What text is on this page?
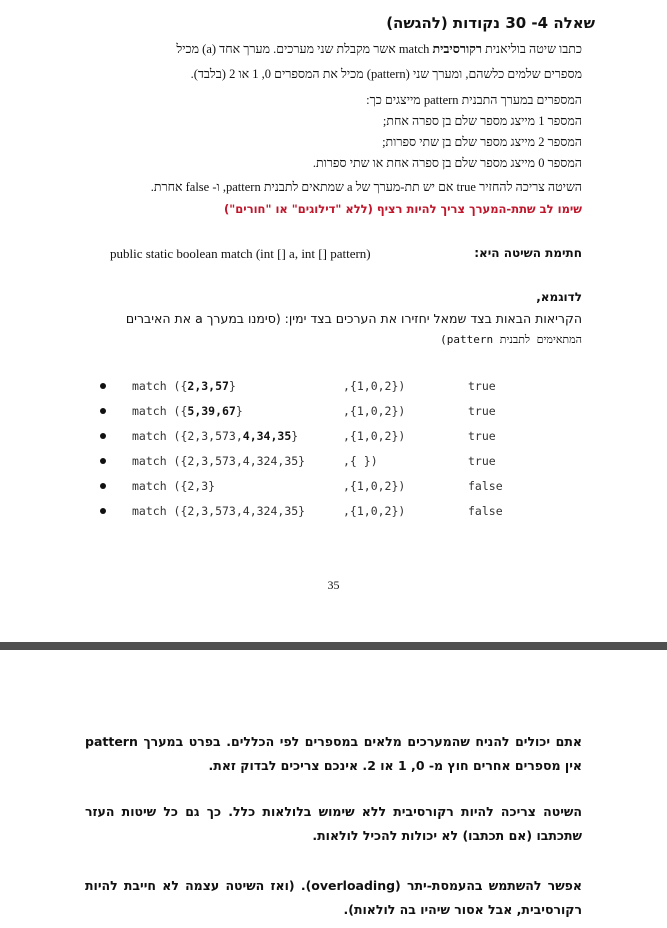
שאלה 4- 30 נקודות (להגשה)
כתבו שיטה בוליאנית רקורסיבית match אשר מקבלת שני מערכים. מערך אחד (a) מכיל
מספרים שלמים כלשהם, ומערך שני (pattern) מכיל את המספרים 0, 1 או 2 (בלבד).
המספרים במערך התבנית pattern מייצגים כך:
המספר 1 מייצג מספר שלם בן ספרה אחת;
המספר 2 מייצג מספר שלם בן שתי ספרות;
המספר 0 מייצג מספר שלם בן ספרה אחת או שתי ספרות.
השיטה צריכה להחזיר true אם יש תת-מערך של a שמתאים לתבנית pattern, ו- false אחרת.
שימו לב שתת-המערך צריך להיות רציף (ללא "דילוגים" או "חורים")
חתימת השיטה היא:
public static boolean match (int [] a, int [] pattern)
לדוגמא,
הקריאות הבאות בצד שמאל יחזירו את הערכים בצד ימין: (סימנו במערך a את האיברים
המתאימים לתבנית pattern)
match ({2,3,57}	,{1,0,2})	true
match ({5,39,67}	,{1,0,2})	true
match ({2,3,573,4,34,35}	,{1,0,2})	true
match ({2,3,573,4,324,35}	,{ })	true
match ({2,3}	,{1,0,2})	false
match ({2,3,573,4,324,35}	,{1,0,2})	false
35
אתם יכולים להניח שהמערכים מלאים במספרים לפי הכללים. בפרט במערך pattern אין מספרים אחרים חוץ מ- 0, 1 או 2. אינכם צריכים לבדוק זאת.
השיטה צריכה להיות רקורסיבית ללא שימוש בלולאות כלל. כך גם כל שיטות העזר שתכתבו (אם תכתבו) לא יכולות להכיל לולאות.
אפשר להשתמש בהעמסת-יתר (overloading). (ואז השיטה עצמה לא חייבת להיות רקורסיבית, אבל אסור שיהיו בה לולאות).
